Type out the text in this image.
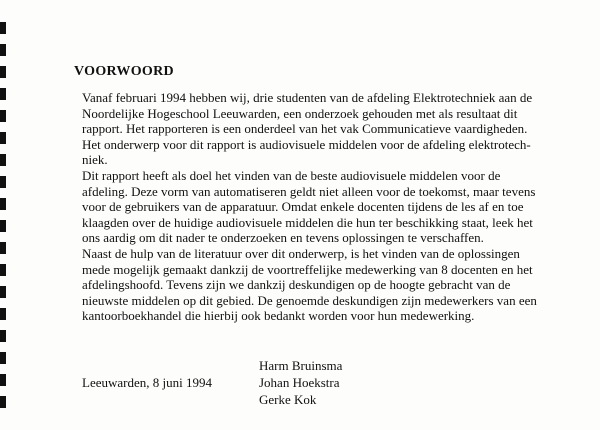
VOORWOORD
Vanaf februari 1994 hebben wij, drie studenten van de afdeling Elektrotechniek aan de
Noordelijke Hogeschool Leeuwarden, een onderzoek gehouden met als resultaat dit
rapport. Het rapporteren is een onderdeel van het vak Communicatieve vaardigheden.
Het onderwerp voor dit rapport is audiovisuele middelen voor de afdeling elektrotech-
niek.
Dit rapport heeft als doel het vinden van de beste audiovisuele middelen voor de
afdeling. Deze vorm van automatiseren geldt niet alleen voor de toekomst, maar tevens
voor de gebruikers van de apparatuur. Omdat enkele docenten tijdens de les af en toe
klaagden over de huidige audiovisuele middelen die hun ter beschikking staat, leek het
ons aardig om dit nader te onderzoeken en tevens oplossingen te verschaffen.
Naast de hulp van de literatuur over dit onderwerp, is het vinden van de oplossingen
mede mogelijk gemaakt dankzij de voortreffelijke medewerking van 8 docenten en het
afdelingshoofd. Tevens zijn we dankzij deskundigen op de hoogte gebracht van de
nieuwste middelen op dit gebied. De genoemde deskundigen zijn medewerkers van een
kantoorboekhandel die hierbij ook bedankt worden voor hun medewerking.
Leeuwarden, 8 juni 1994
Harm Bruinsma
Johan Hoekstra
Gerke Kok
